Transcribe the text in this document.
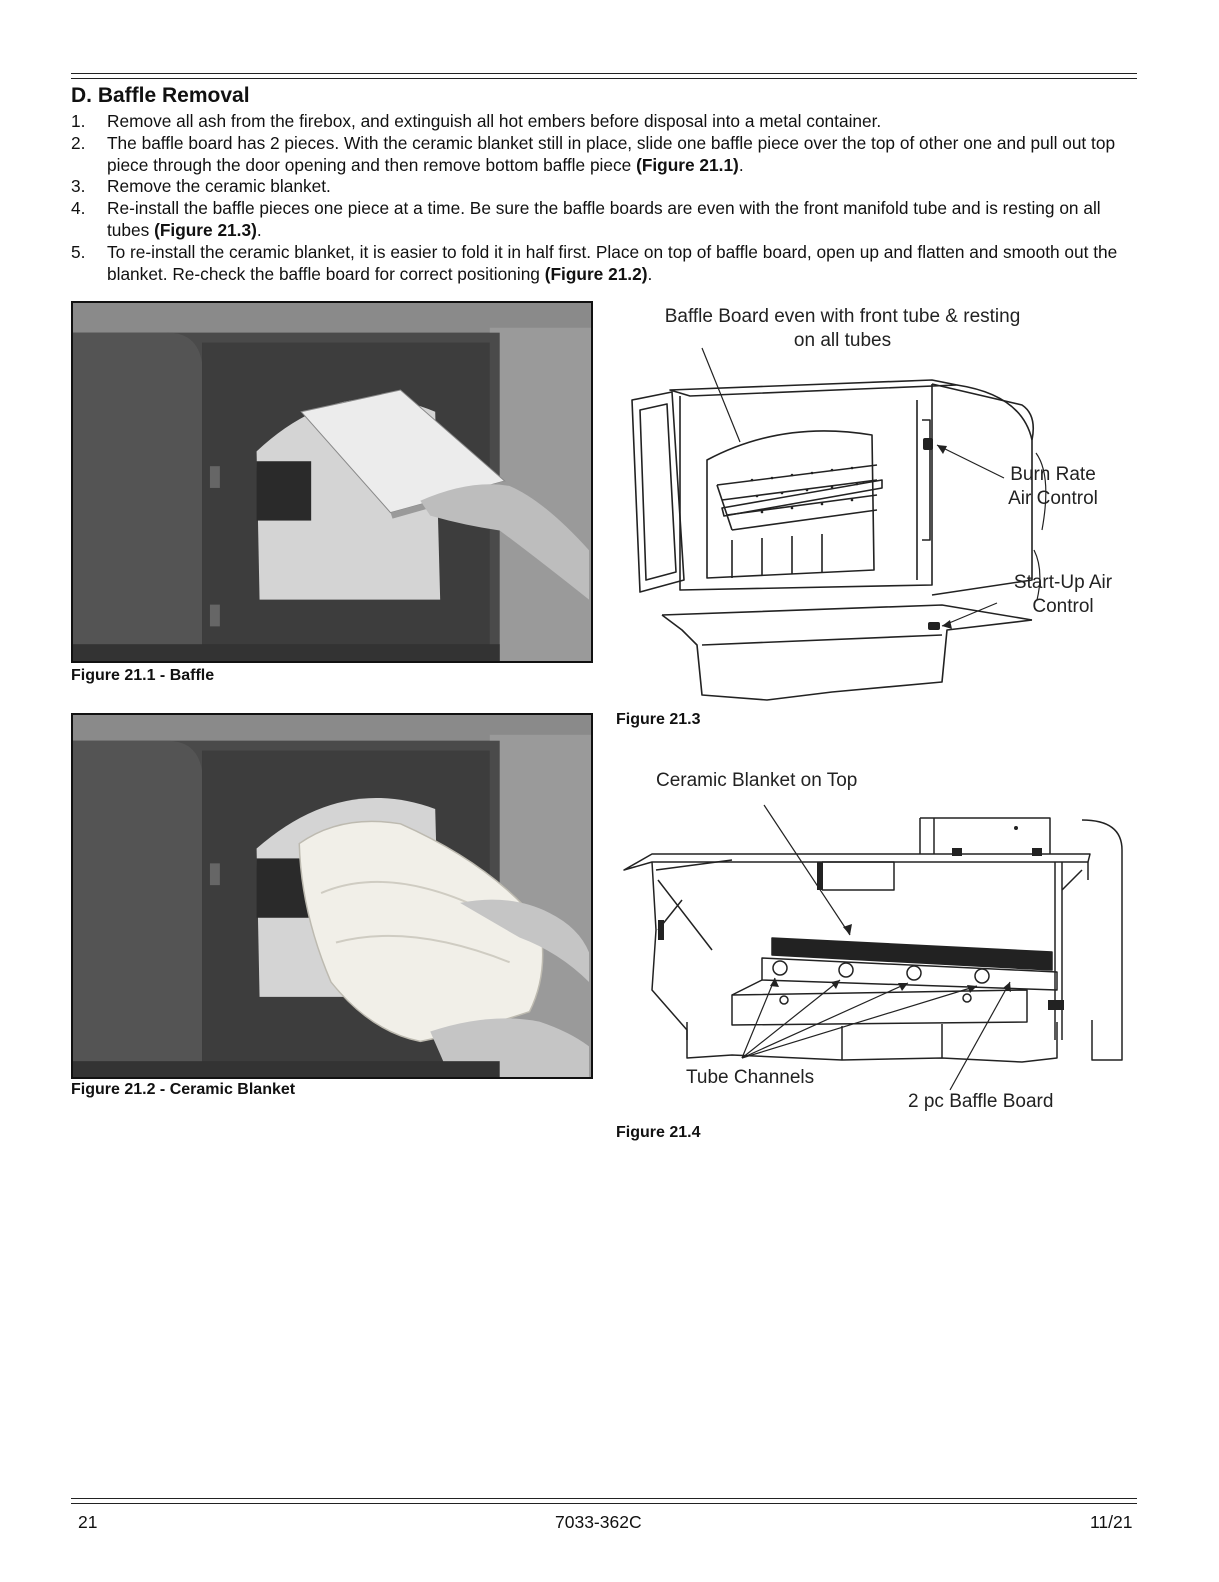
D. Baffle Removal
1. Remove all ash from the firebox, and extinguish all hot embers before disposal into a metal container.
2. The baffle board has 2 pieces. With the ceramic blanket still in place, slide one baffle piece over the top of other one and pull out top piece through the door opening and then remove bottom baffle piece (Figure 21.1).
3. Remove the ceramic blanket.
4. Re-install the baffle pieces one piece at a time. Be sure the baffle boards are even with the front manifold tube and is resting on all tubes (Figure 21.3).
5. To re-install the ceramic blanket, it is easier to fold it in half first. Place on top of baffle board, open up and flatten and smooth out the blanket. Re-check the baffle board for correct positioning (Figure 21.2).
Figure 21.1 - Baffle
Figure 21.2 - Ceramic Blanket
Baffle Board even with front tube & resting
on all tubes
Burn Rate
Air Control
Start-Up Air
Control
Figure 21.3
Ceramic Blanket on Top
Tube Channels
2 pc Baffle Board
Figure 21.4
21	7033-362C	11/21
